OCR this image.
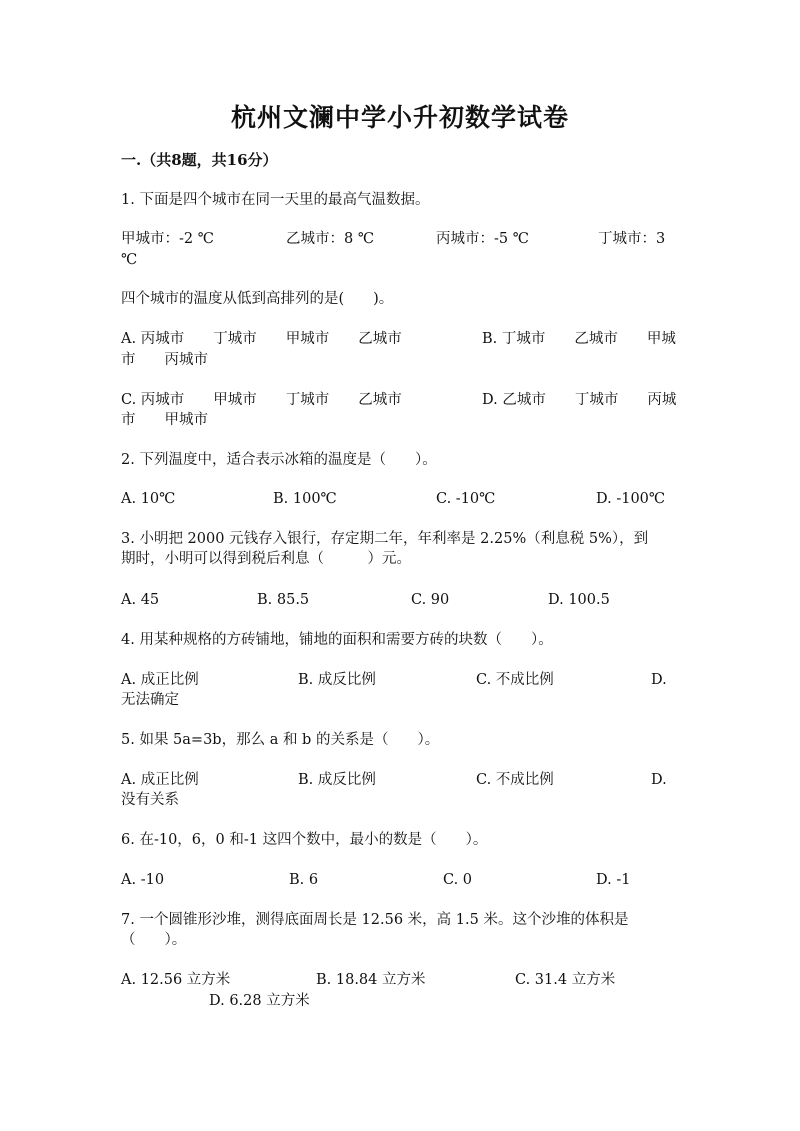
杭州文澜中学小升初数学试卷
一.（共8题，共16分）
1. 下面是四个城市在同一天里的最高气温数据。
甲城市：-2 ℃	乙城市：8 ℃	丙城市：-5 ℃	丁城市：3
℃
四个城市的温度从低到高排列的是(　　)。
A. 丙城市　　丁城市　　甲城市　　乙城市	B. 丁城市　　乙城市　　甲城
市　　丙城市
C. 丙城市　　甲城市　　丁城市　　乙城市	D. 乙城市　　丁城市　　丙城
市　　甲城市
2. 下列温度中，适合表示冰箱的温度是（　　）。
A. 10℃	B. 100℃	C. -10℃	D. -100℃
3. 小明把 2000 元钱存入银行，存定期二年，年利率是 2.25%（利息税 5%），到
期时，小明可以得到税后利息（　　　）元。
A. 45	B. 85.5	C. 90	D. 100.5
4. 用某种规格的方砖铺地，铺地的面积和需要方砖的块数（　　）。
A. 成正比例	B. 成反比例	C. 不成比例	D.
无法确定
5. 如果 5a=3b，那么 a 和 b 的关系是（　　）。
A. 成正比例	B. 成反比例	C. 不成比例	D.
没有关系
6. 在-10，6，0 和-1 这四个数中，最小的数是（　　）。
A. -10	B. 6	C. 0	D. -1
7. 一个圆锥形沙堆，测得底面周长是 12.56 米，高 1.5 米。这个沙堆的体积是
（　　）。
A. 12.56 立方米	B. 18.84 立方米	C. 31.4 立方米
D. 6.28 立方米
